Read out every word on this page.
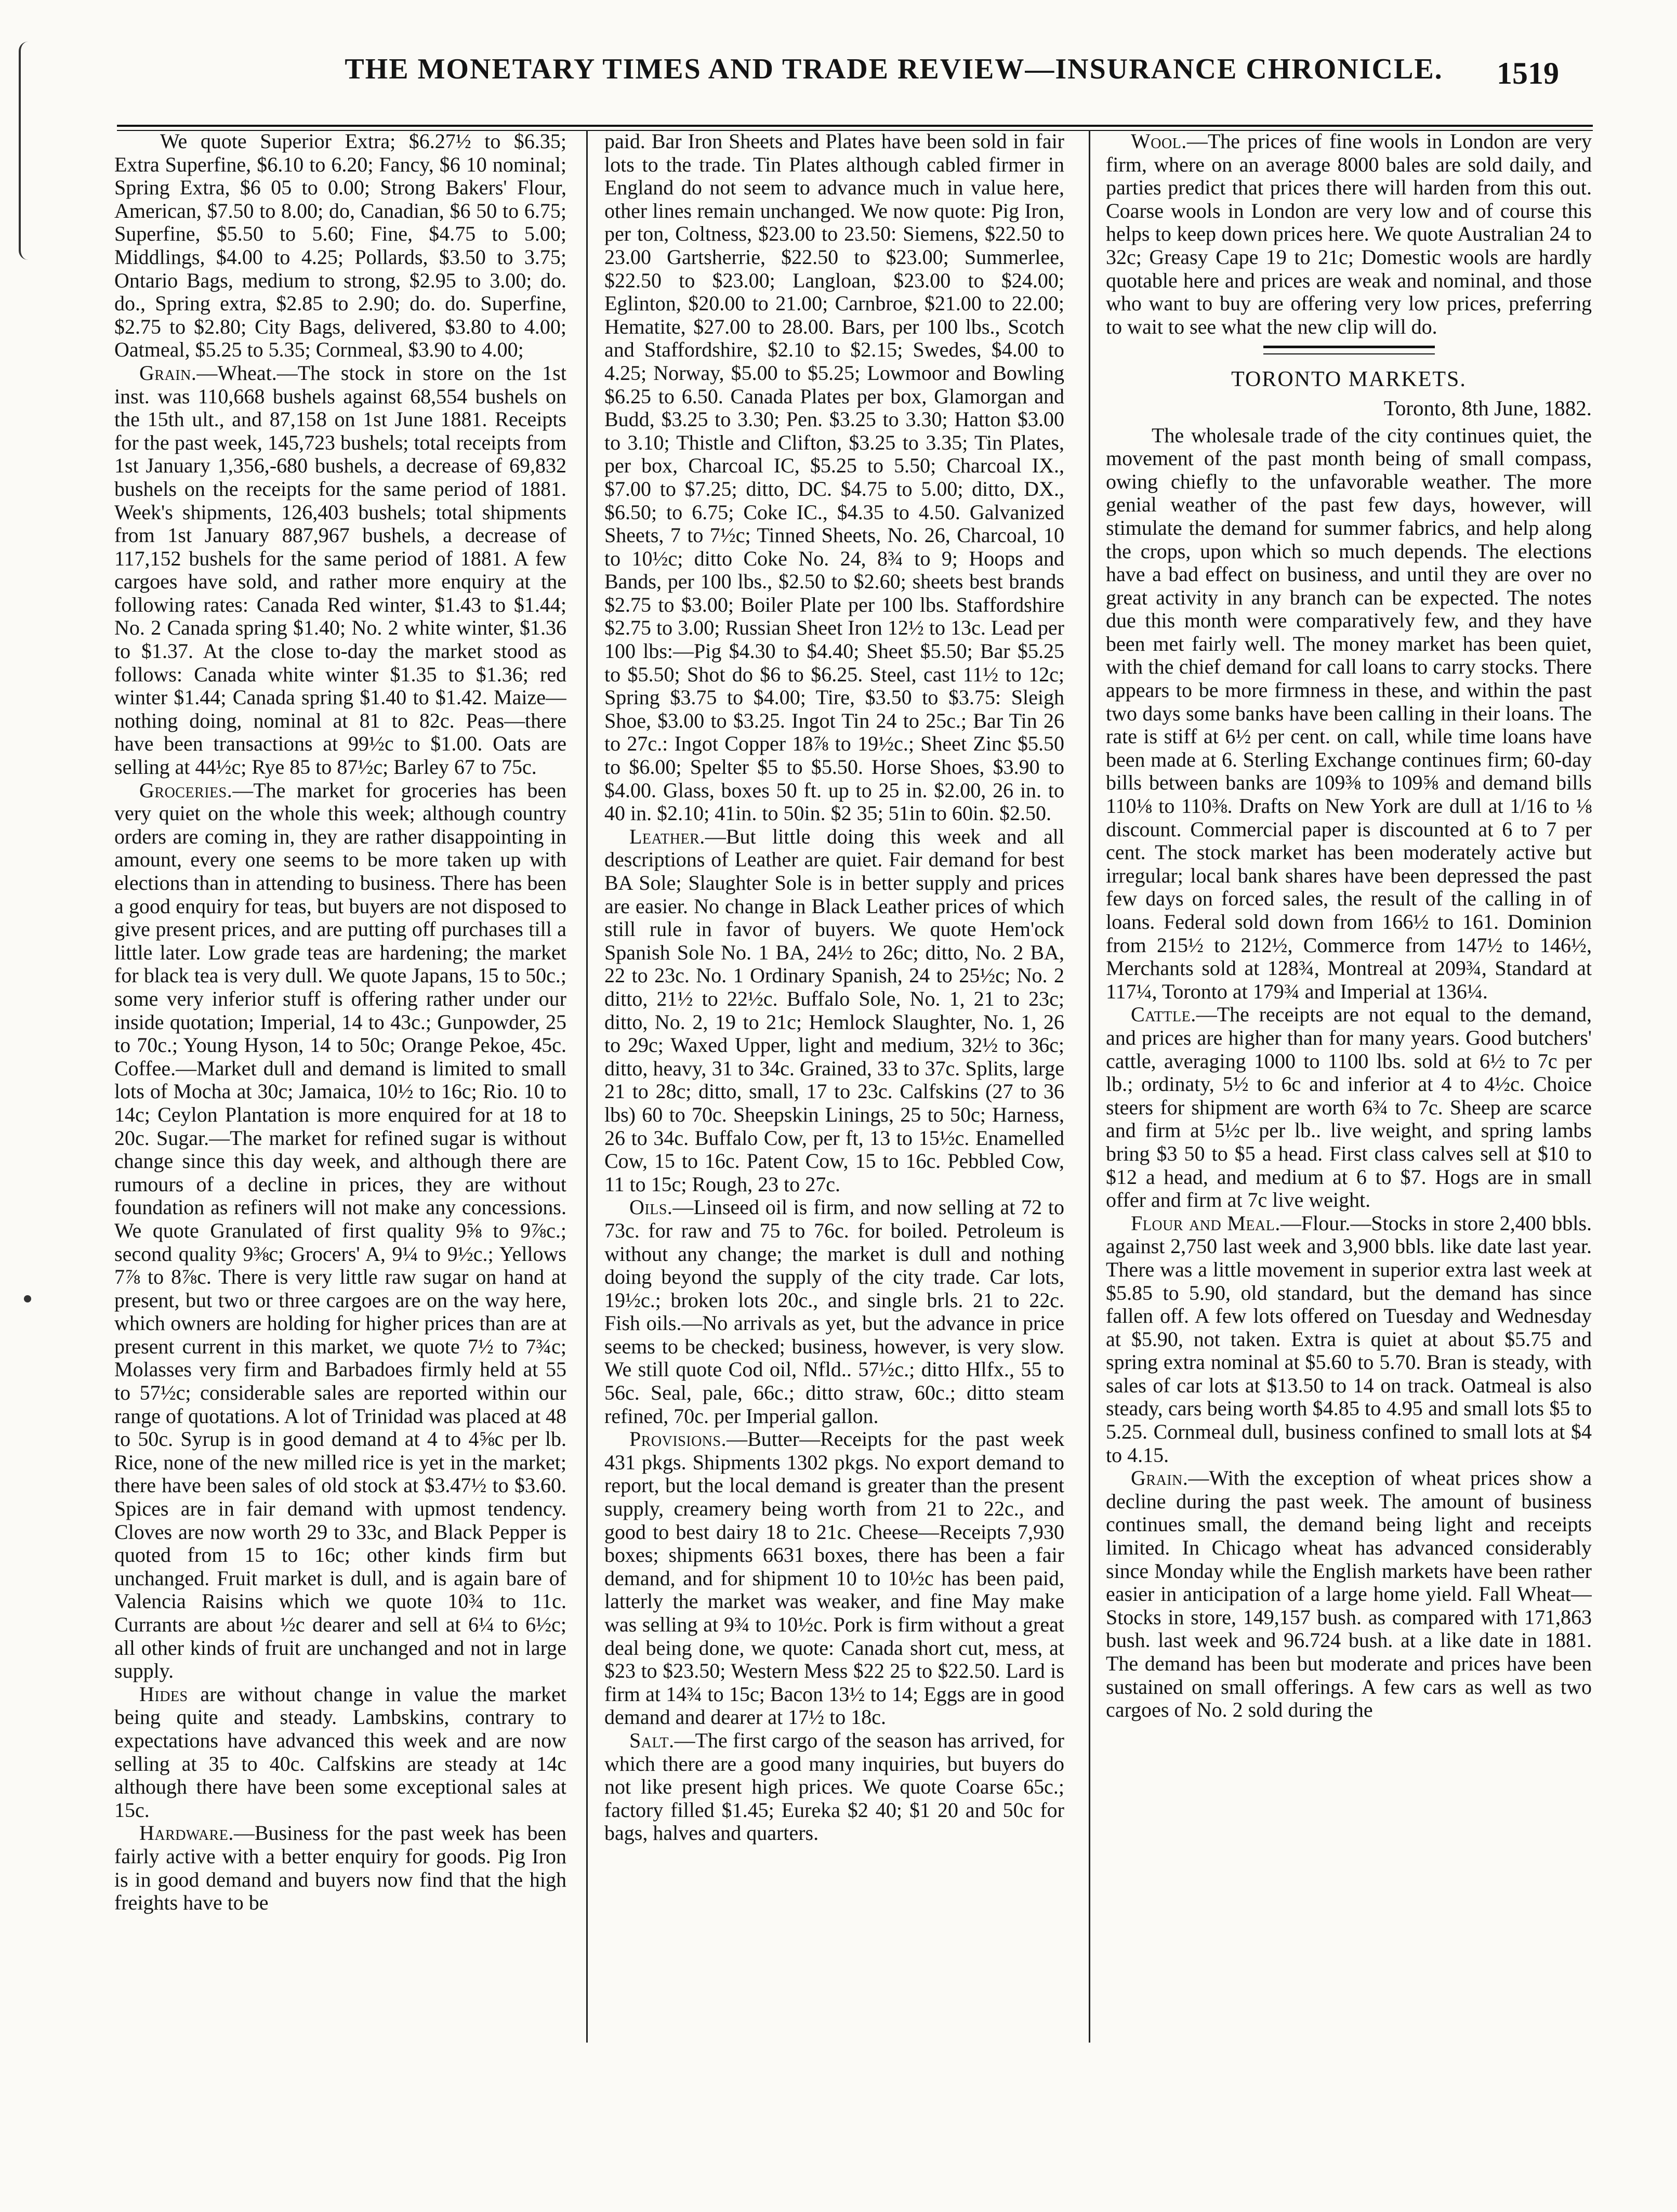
THE MONETARY TIMES AND TRADE REVIEW—INSURANCE CHRONICLE.	1519

We quote Superior Extra; $6.27½ to $6.35; Extra Superfine, $6.10 to 6.20; Fancy, $6 10 nominal; Spring Extra, $6 05 to 0.00; Strong Bakers' Flour, American, $7.50 to 8.00; do, Canadian, $6 50 to 6.75; Superfine, $5.50 to 5.60; Fine, $4.75 to 5.00; Middlings, $4.00 to 4.25; Pollards, $3.50 to 3.75; Ontario Bags, medium to strong, $2.95 to 3.00; do. do., Spring extra, $2.85 to 2.90; do. do. Superfine, $2.75 to $2.80; City Bags, delivered, $3.80 to 4.00; Oatmeal, $5.25 to 5.35; Cornmeal, $3.90 to 4.00;

Grain.—Wheat.—The stock in store on the 1st inst. was 110,668 bushels against 68,554 bushels on the 15th ult., and 87,158 on 1st June 1881. Receipts for the past week, 145,723 bushels; total receipts from 1st January 1,356,-680 bushels, a decrease of 69,832 bushels on the receipts for the same period of 1881. Week's shipments, 126,403 bushels; total shipments from 1st January 887,967 bushels, a decrease of 117,152 bushels for the same period of 1881. A few cargoes have sold, and rather more enquiry at the following rates: Canada Red winter, $1.43 to $1.44; No. 2 Canada spring $1.40; No. 2 white winter, $1.36 to $1.37. At the close to-day the market stood as follows: Canada white winter $1.35 to $1.36; red winter $1.44; Canada spring $1.40 to $1.42. Maize—nothing doing, nominal at 81 to 82c. Peas—there have been transactions at 99½c to $1.00. Oats are selling at 44½c; Rye 85 to 87½c; Barley 67 to 75c.

Groceries.—The market for groceries has been very quiet on the whole this week; although country orders are coming in, they are rather disappointing in amount, every one seems to be more taken up with elections than in attending to business. There has been a good enquiry for teas, but buyers are not disposed to give present prices, and are putting off purchases till a little later. Low grade teas are hardening; the market for black tea is very dull. We quote Japans, 15 to 50c.; some very inferior stuff is offering rather under our inside quotation; Imperial, 14 to 43c.; Gunpowder, 25 to 70c.; Young Hyson, 14 to 50c; Orange Pekoe, 45c. Coffee.—Market dull and demand is limited to small lots of Mocha at 30c; Jamaica, 10½ to 16c; Rio. 10 to 14c; Ceylon Plantation is more enquired for at 18 to 20c. Sugar.—The market for refined sugar is without change since this day week, and although there are rumours of a decline in prices, they are without foundation as refiners will not make any concessions. We quote Granulated of first quality 9⅝ to 9⅞c.; second quality 9⅜c; Grocers' A, 9¼ to 9½c.; Yellows 7⅞ to 8⅞c. There is very little raw sugar on hand at present, but two or three cargoes are on the way here, which owners are holding for higher prices than are at present current in this market, we quote 7½ to 7¾c; Molasses very firm and Barbadoes firmly held at 55 to 57½c; considerable sales are reported within our range of quotations. A lot of Trinidad was placed at 48 to 50c. Syrup is in good demand at 4 to 4⅝c per lb. Rice, none of the new milled rice is yet in the market; there have been sales of old stock at $3.47½ to $3.60. Spices are in fair demand with upmost tendency. Cloves are now worth 29 to 33c, and Black Pepper is quoted from 15 to 16c; other kinds firm but unchanged. Fruit market is dull, and is again bare of Valencia Raisins which we quote 10¾ to 11c. Currants are about ½c dearer and sell at 6¼ to 6½c; all other kinds of fruit are unchanged and not in large supply.

Hides are without change in value the market being quite and steady. Lambskins, contrary to expectations have advanced this week and are now selling at 35 to 40c. Calfskins are steady at 14c although there have been some exceptional sales at 15c.

Hardware.—Business for the past week has been fairly active with a better enquiry for goods. Pig Iron is in good demand and buyers now find that the high freights have to be

paid. Bar Iron Sheets and Plates have been sold in fair lots to the trade. Tin Plates although cabled firmer in England do not seem to advance much in value here, other lines remain unchanged. We now quote: Pig Iron, per ton, Coltness, $23.00 to 23.50: Siemens, $22.50 to 23.00 Gartsherrie, $22.50 to $23.00; Summerlee, $22.50 to $23.00; Langloan, $23.00 to $24.00; Eglinton, $20.00 to 21.00; Carnbroe, $21.00 to 22.00; Hematite, $27.00 to 28.00. Bars, per 100 lbs., Scotch and Staffordshire, $2.10 to $2.15; Swedes, $4.00 to 4.25; Norway, $5.00 to $5.25; Lowmoor and Bowling $6.25 to 6.50. Canada Plates per box, Glamorgan and Budd, $3.25 to 3.30; Pen. $3.25 to 3.30; Hatton $3.00 to 3.10; Thistle and Clifton, $3.25 to 3.35; Tin Plates, per box, Charcoal IC, $5.25 to 5.50; Charcoal IX., $7.00 to $7.25; ditto, DC. $4.75 to 5.00; ditto, DX., $6.50; to 6.75; Coke IC., $4.35 to 4.50. Galvanized Sheets, 7 to 7½c; Tinned Sheets, No. 26, Charcoal, 10 to 10½c; ditto Coke No. 24, 8¾ to 9; Hoops and Bands, per 100 lbs., $2.50 to $2.60; sheets best brands $2.75 to $3.00; Boiler Plate per 100 lbs. Staffordshire $2.75 to 3.00; Russian Sheet Iron 12½ to 13c. Lead per 100 lbs:—Pig $4.30 to $4.40; Sheet $5.50; Bar $5.25 to $5.50; Shot do $6 to $6.25. Steel, cast 11½ to 12c; Spring $3.75 to $4.00; Tire, $3.50 to $3.75: Sleigh Shoe, $3.00 to $3.25. Ingot Tin 24 to 25c.; Bar Tin 26 to 27c.: Ingot Copper 18⅞ to 19½c.; Sheet Zinc $5.50 to $6.00; Spelter $5 to $5.50. Horse Shoes, $3.90 to $4.00. Glass, boxes 50 ft. up to 25 in. $2.00, 26 in. to 40 in. $2.10; 41in. to 50in. $2 35; 51in to 60in. $2.50.

Leather.—But little doing this week and all descriptions of Leather are quiet. Fair demand for best BA Sole; Slaughter Sole is in better supply and prices are easier. No change in Black Leather prices of which still rule in favor of buyers. We quote Hem'ock Spanish Sole No. 1 BA, 24½ to 26c; ditto, No. 2 BA, 22 to 23c. No. 1 Ordinary Spanish, 24 to 25½c; No. 2 ditto, 21½ to 22½c. Buffalo Sole, No. 1, 21 to 23c; ditto, No. 2, 19 to 21c; Hemlock Slaughter, No. 1, 26 to 29c; Waxed Upper, light and medium, 32½ to 36c; ditto, heavy, 31 to 34c. Grained, 33 to 37c. Splits, large 21 to 28c; ditto, small, 17 to 23c. Calfskins (27 to 36 lbs) 60 to 70c. Sheepskin Linings, 25 to 50c; Harness, 26 to 34c. Buffalo Cow, per ft, 13 to 15½c. Enamelled Cow, 15 to 16c. Patent Cow, 15 to 16c. Pebbled Cow, 11 to 15c; Rough, 23 to 27c.

Oils.—Linseed oil is firm, and now selling at 72 to 73c. for raw and 75 to 76c. for boiled. Petroleum is without any change; the market is dull and nothing doing beyond the supply of the city trade. Car lots, 19½c.; broken lots 20c., and single brls. 21 to 22c. Fish oils.—No arrivals as yet, but the advance in price seems to be checked; business, however, is very slow. We still quote Cod oil, Nfld.. 57½c.; ditto Hlfx., 55 to 56c. Seal, pale, 66c.; ditto straw, 60c.; ditto steam refined, 70c. per Imperial gallon.

Provisions.—Butter—Receipts for the past week 431 pkgs. Shipments 1302 pkgs. No export demand to report, but the local demand is greater than the present supply, creamery being worth from 21 to 22c., and good to best dairy 18 to 21c. Cheese—Receipts 7,930 boxes; shipments 6631 boxes, there has been a fair demand, and for shipment 10 to 10½c has been paid, latterly the market was weaker, and fine May make was selling at 9¾ to 10½c. Pork is firm without a great deal being done, we quote: Canada short cut, mess, at $23 to $23.50; Western Mess $22 25 to $22.50. Lard is firm at 14¾ to 15c; Bacon 13½ to 14; Eggs are in good demand and dearer at 17½ to 18c.

Salt.—The first cargo of the season has arrived, for which there are a good many inquiries, but buyers do not like present high prices. We quote Coarse 65c.; factory filled $1.45; Eureka $2 40; $1 20 and 50c for bags, halves and quarters.

Wool.—The prices of fine wools in London are very firm, where on an average 8000 bales are sold daily, and parties predict that prices there will harden from this out. Coarse wools in London are very low and of course this helps to keep down prices here. We quote Australian 24 to 32c; Greasy Cape 19 to 21c; Domestic wools are hardly quotable here and prices are weak and nominal, and those who want to buy are offering very low prices, preferring to wait to see what the new clip will do.

TORONTO MARKETS.
Toronto, 8th June, 1882.

The wholesale trade of the city continues quiet, the movement of the past month being of small compass, owing chiefly to the unfavorable weather. The more genial weather of the past few days, however, will stimulate the demand for summer fabrics, and help along the crops, upon which so much depends. The elections have a bad effect on business, and until they are over no great activity in any branch can be expected. The notes due this month were comparatively few, and they have been met fairly well. The money market has been quiet, with the chief demand for call loans to carry stocks. There appears to be more firmness in these, and within the past two days some banks have been calling in their loans. The rate is stiff at 6½ per cent. on call, while time loans have been made at 6. Sterling Exchange continues firm; 60-day bills between banks are 109⅜ to 109⅝ and demand bills 110⅛ to 110⅜. Drafts on New York are dull at 1/16 to ⅛ discount. Commercial paper is discounted at 6 to 7 per cent. The stock market has been moderately active but irregular; local bank shares have been depressed the past few days on forced sales, the result of the calling in of loans. Federal sold down from 166½ to 161. Dominion from 215½ to 212½, Commerce from 147½ to 146½, Merchants sold at 128¾, Montreal at 209¾, Standard at 117¼, Toronto at 179¾ and Imperial at 136¼.

Cattle.—The receipts are not equal to the demand, and prices are higher than for many years. Good butchers' cattle, averaging 1000 to 1100 lbs. sold at 6½ to 7c per lb.; ordinaty, 5½ to 6c and inferior at 4 to 4½c. Choice steers for shipment are worth 6¾ to 7c. Sheep are scarce and firm at 5½c per lb.. live weight, and spring lambs bring $3 50 to $5 a head. First class calves sell at $10 to $12 a head, and medium at 6 to $7. Hogs are in small offer and firm at 7c live weight.

Flour and Meal.—Flour.—Stocks in store 2,400 bbls. against 2,750 last week and 3,900 bbls. like date last year. There was a little movement in superior extra last week at $5.85 to 5.90, old standard, but the demand has since fallen off. A few lots offered on Tuesday and Wednesday at $5.90, not taken. Extra is quiet at about $5.75 and spring extra nominal at $5.60 to 5.70. Bran is steady, with sales of car lots at $13.50 to 14 on track. Oatmeal is also steady, cars being worth $4.85 to 4.95 and small lots $5 to 5.25. Cornmeal dull, business confined to small lots at $4 to 4.15.

Grain.—With the exception of wheat prices show a decline during the past week. The amount of business continues small, the demand being light and receipts limited. In Chicago wheat has advanced considerably since Monday while the English markets have been rather easier in anticipation of a large home yield. Fall Wheat—Stocks in store, 149,157 bush. as compared with 171,863 bush. last week and 96.724 bush. at a like date in 1881. The demand has been but moderate and prices have been sustained on small offerings. A few cars as well as two cargoes of No. 2 sold during the
